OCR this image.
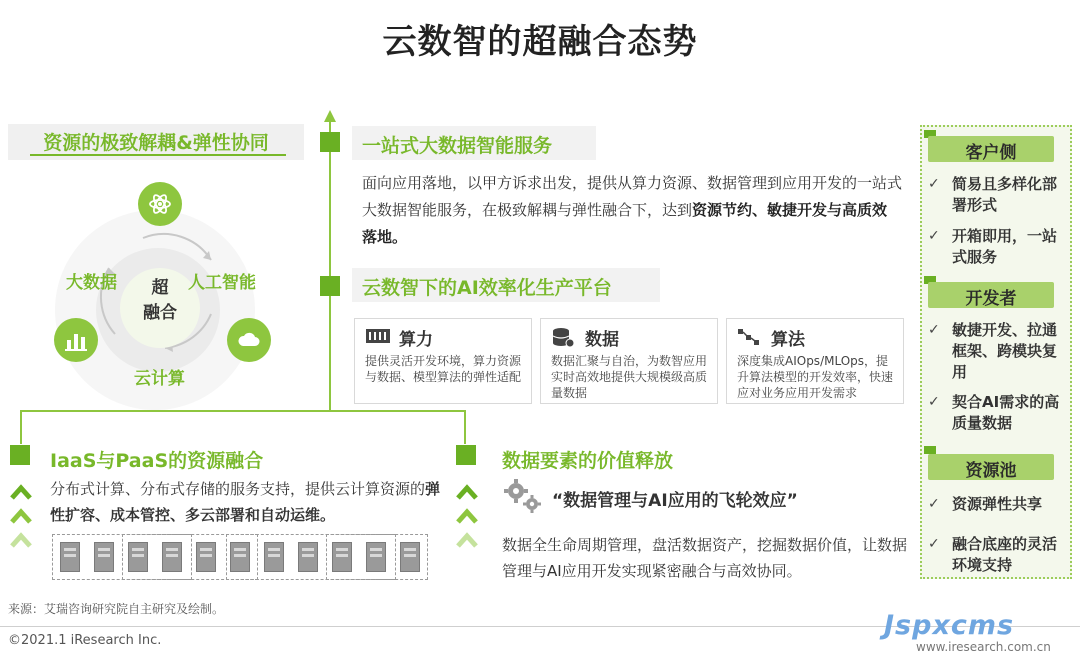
云数智的超融合态势
资源的极致解耦&弹性协同
超
融合
大数据	人工智能
云计算
一站式大数据智能服务
面向应用落地，以甲方诉求出发，提供从算力资源、数据管理到应用开发的一站式大数据智能服务，在极致解耦与弹性融合下，达到资源节约、敏捷开发与高质效落地。
云数智下的AI效率化生产平台
算力
提供灵活开发环境，算力资源与数据、模型算法的弹性适配
数据
数据汇聚与自治，为数智应用实时高效地提供大规模级高质量数据
算法
深度集成AIOps/MLOps，提升算法模型的开发效率，快速应对业务应用开发需求
IaaS与PaaS的资源融合
分布式计算、分布式存储的服务支持，提供云计算资源的弹性扩容、成本管控、多云部署和自动运维。
数据要素的价值释放
“数据管理与AI应用的飞轮效应”
数据全生命周期管理，盘活数据资产，挖掘数据价值，让数据管理与AI应用开发实现紧密融合与高效协同。
客户侧
✓ 简易且多样化部署形式
✓ 开箱即用，一站式服务
开发者
✓ 敏捷开发、拉通框架、跨模块复用
✓ 契合AI需求的高质量数据
资源池
✓ 资源弹性共享
✓ 融合底座的灵活环境支持
来源：艾瑞咨询研究院自主研究及绘制。
©2021.1 iResearch Inc.	Jspxcms
www.iresearch.com.cn
